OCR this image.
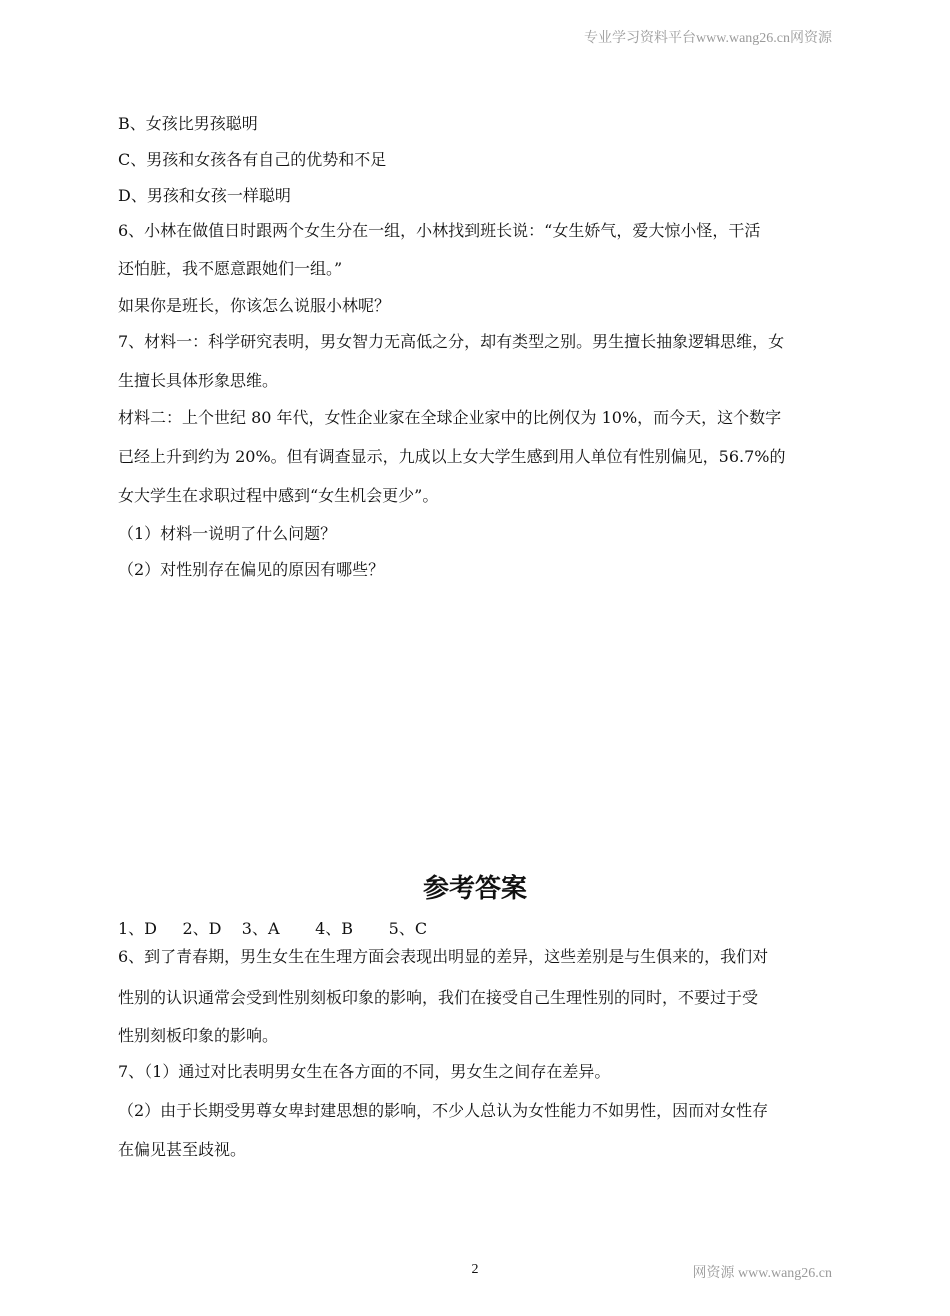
专业学习资料平台www.wang26.cn网资源
B、女孩比男孩聪明
C、男孩和女孩各有自己的优势和不足
D、男孩和女孩一样聪明
6、小林在做值日时跟两个女生分在一组，小林找到班长说：“女生娇气，爱大惊小怪，干活
还怕脏，我不愿意跟她们一组。”
如果你是班长，你该怎么说服小林呢？
7、材料一：科学研究表明，男女智力无高低之分，却有类型之别。男生擅长抽象逻辑思维，女
生擅长具体形象思维。
材料二：上个世纪 80 年代，女性企业家在全球企业家中的比例仅为 10%，而今天，这个数字
已经上升到约为 20%。但有调查显示，九成以上女大学生感到用人单位有性别偏见，56.7%的
女大学生在求职过程中感到“女生机会更少”。
（1）材料一说明了什么问题？
（2）对性别存在偏见的原因有哪些？
参考答案
1、D     2、D    3、A       4、B       5、C
6、到了青春期，男生女生在生理方面会表现出明显的差异，这些差别是与生俱来的，我们对
性别的认识通常会受到性别刻板印象的影响，我们在接受自己生理性别的同时，不要过于受
性别刻板印象的影响。
7、（1）通过对比表明男女生在各方面的不同，男女生之间存在差异。
（2）由于长期受男尊女卑封建思想的影响，不少人总认为女性能力不如男性，因而对女性存
在偏见甚至歧视。
2	网资源 www.wang26.cn
